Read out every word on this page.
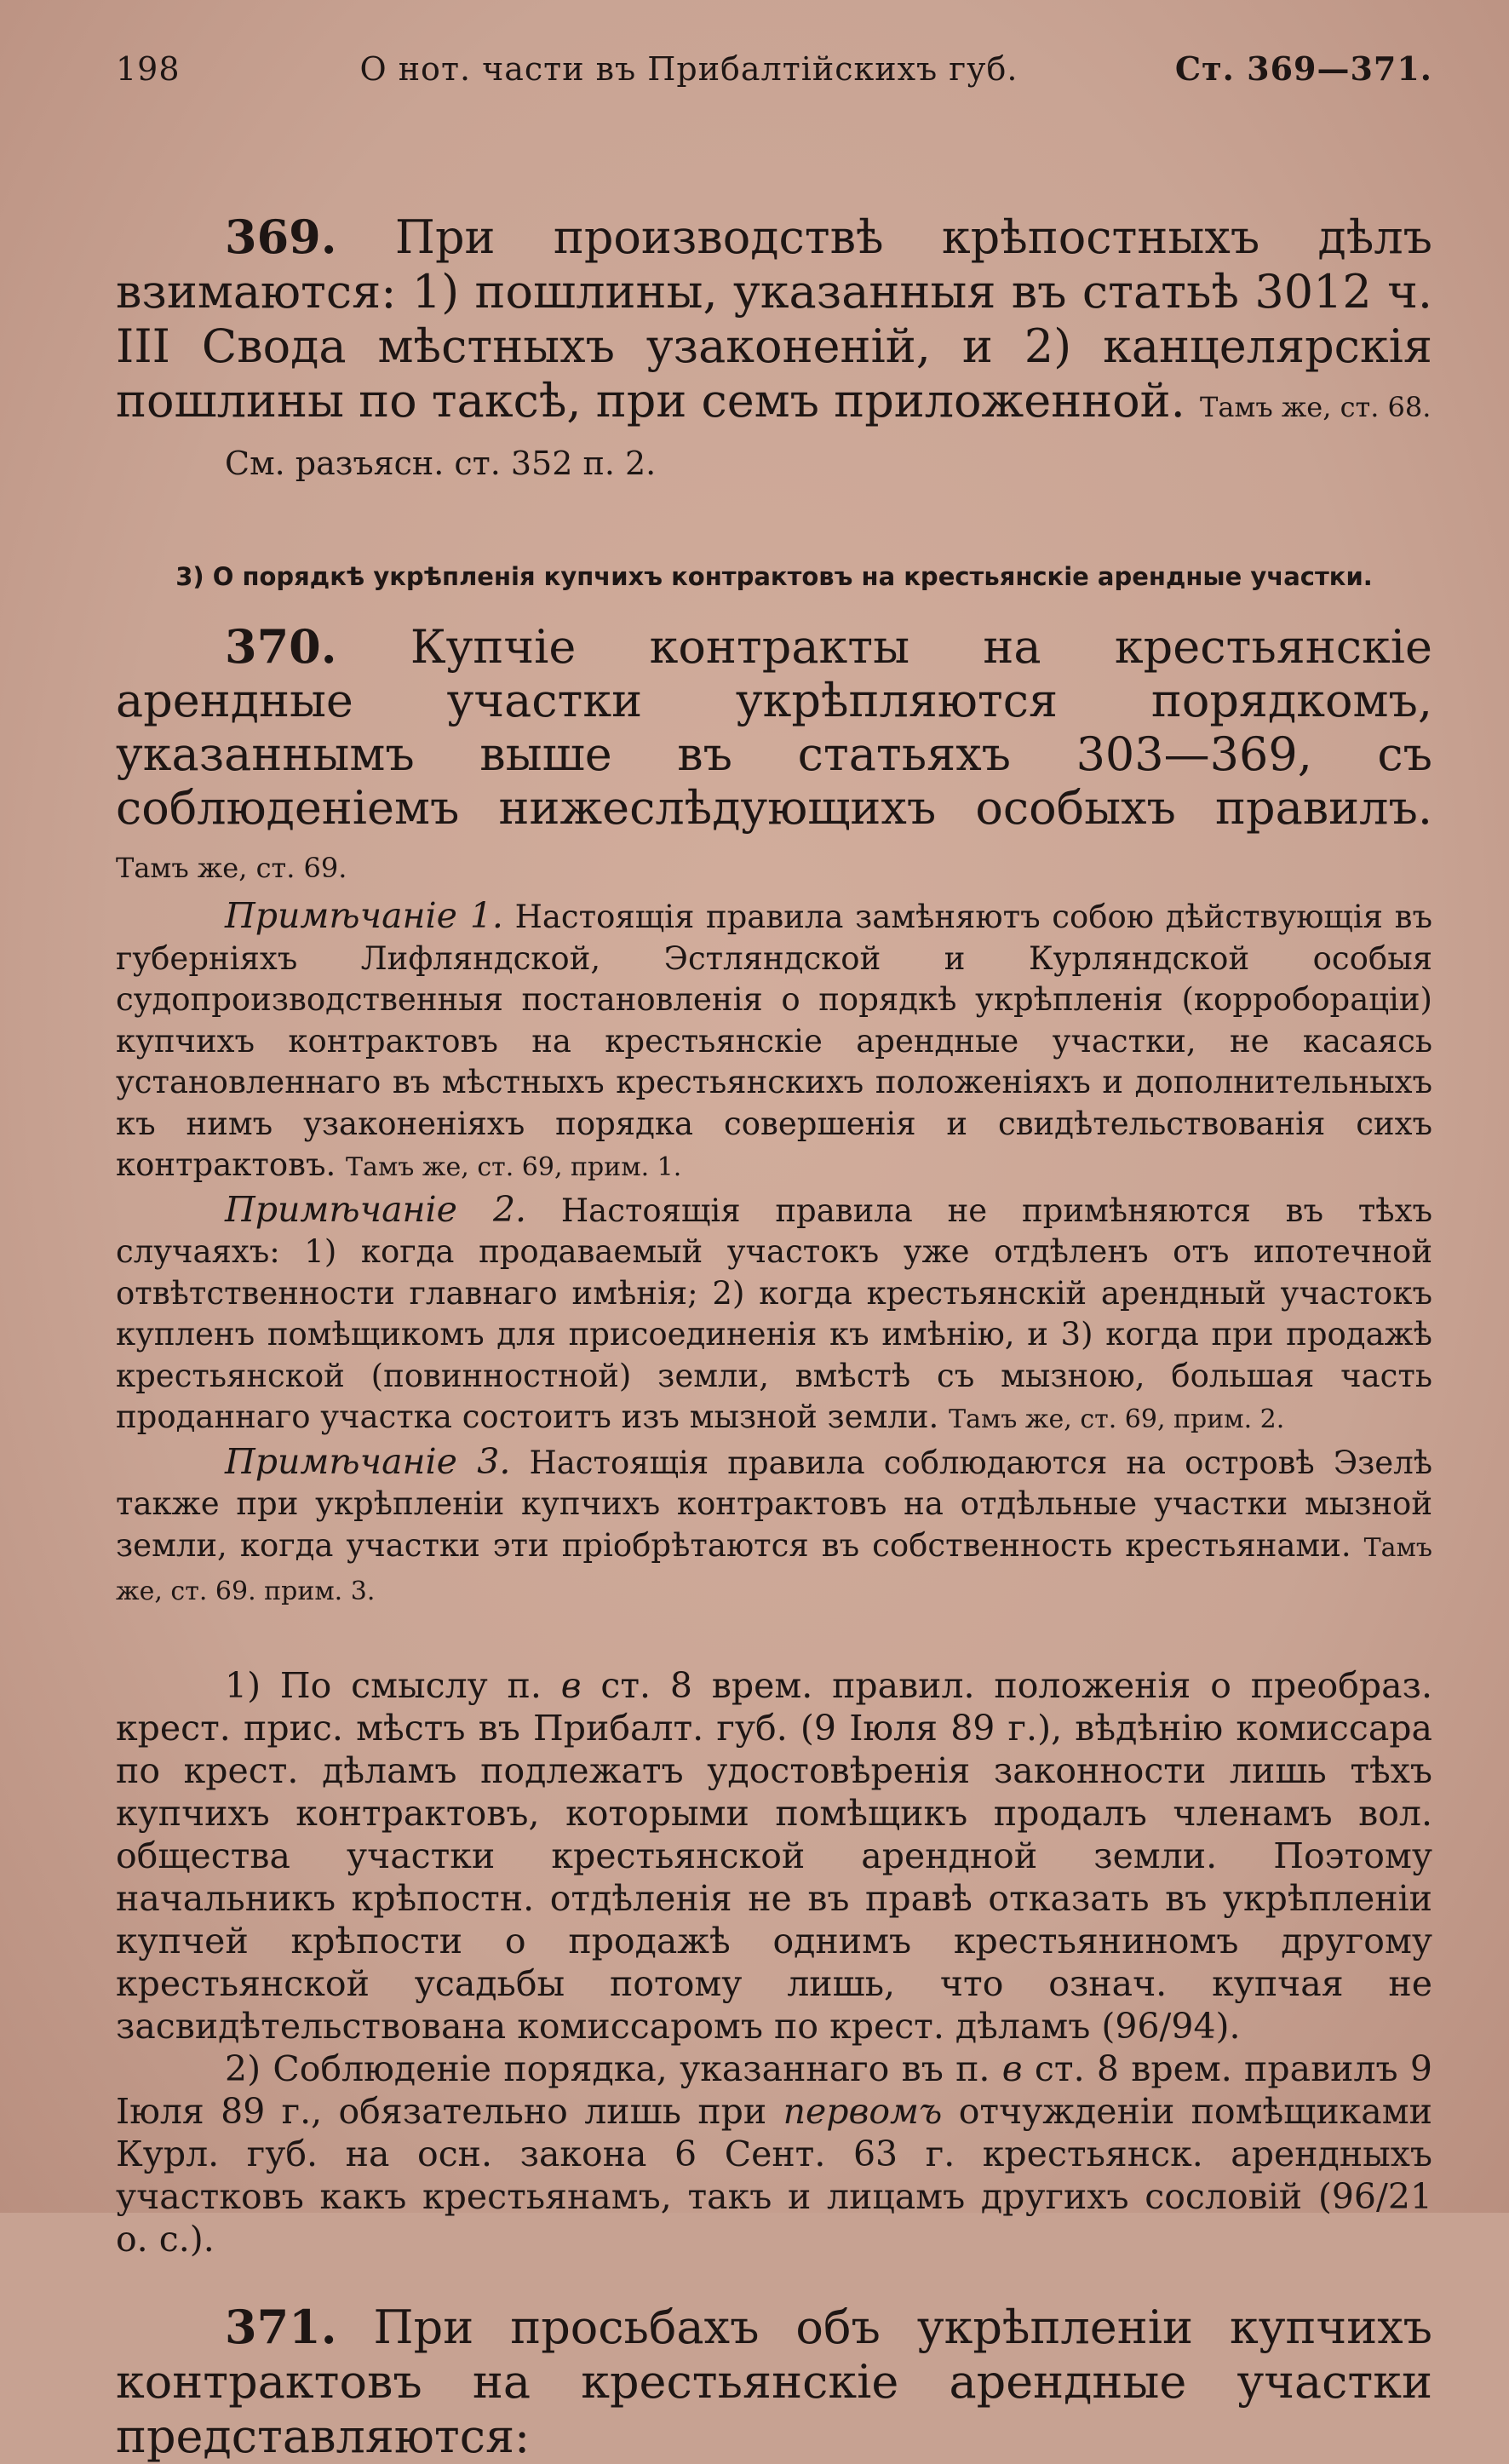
198	О нот. части въ Прибалтійскихъ губ.	Ст. 369—371.

369. При производствѣ крѣпостныхъ дѣлъ взимаются: 1) пошлины, указанныя въ статьѣ 3012 ч. III Свода мѣстныхъ узаконеній, и 2) канцелярскія пошлины по таксѣ, при семъ приложенной. Тамъ же, ст. 68.

См. разъясн. ст. 352 п. 2.

3) О порядкѣ укрѣпленія купчихъ контрактовъ на крестьянскіе арендные участки.

370. Купчіе контракты на крестьянскіе арендные участки укрѣпляются порядкомъ, указаннымъ выше въ статьяхъ 303—369, съ соблюденіемъ нижеслѣдующихъ особыхъ правилъ. Тамъ же, ст. 69.

Примѣчаніе 1. Настоящія правила замѣняютъ собою дѣйствующія въ губерніяхъ Лифляндской, Эстляндской и Курляндской особыя судопроизводственныя постановленія о порядкѣ укрѣпленія (корроборацiи) купчихъ контрактовъ на крестьянскіе арендные участки, не касаясь установленнаго въ мѣстныхъ крестьянскихъ положеніяхъ и дополнительныхъ къ нимъ узаконеніяхъ порядка совершенія и свидѣтельствованія сихъ контрактовъ. Тамъ же, ст. 69, прим. 1.

Примѣчаніе 2. Настоящія правила не примѣняются въ тѣхъ случаяхъ: 1) когда продаваемый участокъ уже отдѣленъ отъ ипотечной отвѣтственности главнаго имѣнія; 2) когда крестьянскій арендный участокъ купленъ помѣщикомъ для присоединенія къ имѣнію, и 3) когда при продажѣ крестьянской (повинностной) земли, вмѣстѣ съ мызною, большая часть проданнаго участка состоитъ изъ мызной земли. Тамъ же, ст. 69, прим. 2.

Примѣчаніе 3. Настоящія правила соблюдаются на островѣ Эзелѣ также при укрѣпленіи купчихъ контрактовъ на отдѣльные участки мызной земли, когда участки эти пріобрѣтаются въ собственность крестьянами. Тамъ же, ст. 69. прим. 3.

1) По смыслу п. в ст. 8 врем. правил. положенія о преобраз. крест. прис. мѣстъ въ Прибалт. губ. (9 Іюля 89 г.), вѣдѣнію комиссара по крест. дѣламъ подлежатъ удостовѣренія законности лишь тѣхъ купчихъ контрактовъ, которыми помѣщикъ продалъ членамъ вол. общества участки крестьянской арендной земли. Поэтому начальникъ крѣпостн. отдѣленія не въ правѣ отказать въ укрѣпленіи купчей крѣпости о продажѣ однимъ крестьяниномъ другому крестьянской усадьбы потому лишь, что означ. купчая не засвидѣтельствована комиссаромъ по крест. дѣламъ (96/94).

2) Соблюденіе порядка, указаннаго въ п. в ст. 8 врем. правилъ 9 Іюля 89 г., обязательно лишь при первомъ отчужденіи помѣщиками Курл. губ. на осн. закона 6 Сент. 63 г. крестьянск. арендныхъ участковъ какъ крестьянамъ, такъ и лицамъ другихъ сословій (96/21 о. с.).

371. При просьбахъ объ укрѣпленіи купчихъ контрактовъ на крестьянскіе арендные участки представляются:
